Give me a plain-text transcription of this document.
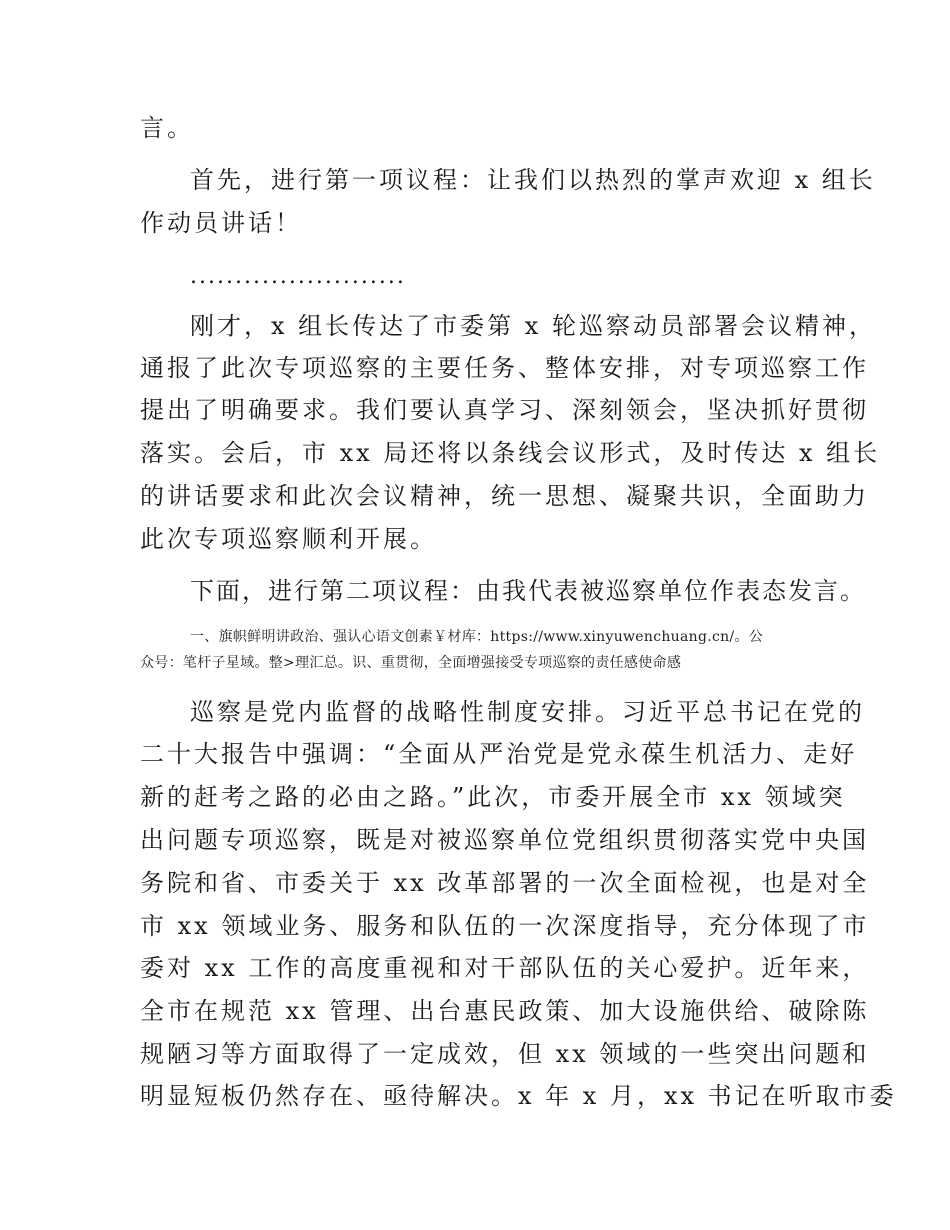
言。
首先，进行第一项议程：让我们以热烈的掌声欢迎 x 组长
作动员讲话！
........................
刚才，x 组长传达了市委第 x 轮巡察动员部署会议精神，
通报了此次专项巡察的主要任务、整体安排，对专项巡察工作
提出了明确要求。我们要认真学习、深刻领会，坚决抓好贯彻
落实。会后，市 xx 局还将以条线会议形式，及时传达 x 组长
的讲话要求和此次会议精神，统一思想、凝聚共识，全面助力
此次专项巡察顺利开展。
下面，进行第二项议程：由我代表被巡察单位作表态发言。
一、旗帜鲜明讲政治、强认心语文创素￥材库：https://www.xinyuwenchuang.cn/。公
众号：笔杆子星域。整>理汇总。识、重贯彻，全面增强接受专项巡察的责任感使命感
巡察是党内监督的战略性制度安排。习近平总书记在党的
二十大报告中强调：“全面从严治党是党永葆生机活力、走好
新的赶考之路的必由之路。”此次，市委开展全市 xx 领域突
出问题专项巡察，既是对被巡察单位党组织贯彻落实党中央国
务院和省、市委关于 xx 改革部署的一次全面检视，也是对全
市 xx 领域业务、服务和队伍的一次深度指导，充分体现了市
委对 xx 工作的高度重视和对干部队伍的关心爱护。近年来，
全市在规范 xx 管理、出台惠民政策、加大设施供给、破除陈
规陋习等方面取得了一定成效，但 xx 领域的一些突出问题和
明显短板仍然存在、亟待解决。x 年 x 月，xx 书记在听取市委
